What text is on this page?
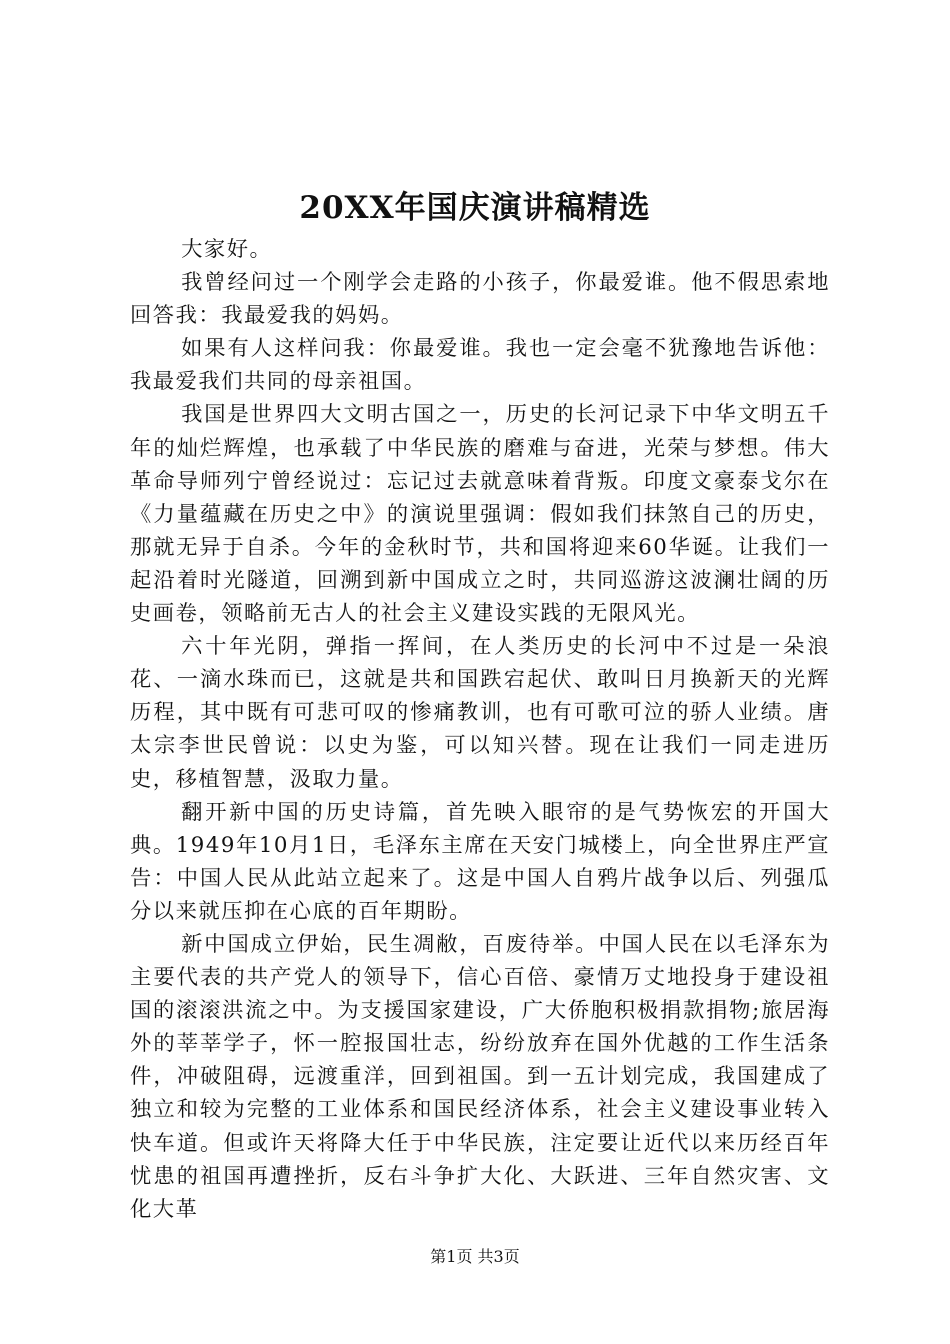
20XX年国庆演讲稿精选

大家好。

我曾经问过一个刚学会走路的小孩子，你最爱谁。他不假思索地回答我：我最爱我的妈妈。

如果有人这样问我：你最爱谁。我也一定会毫不犹豫地告诉他：我最爱我们共同的母亲祖国。

我国是世界四大文明古国之一，历史的长河记录下中华文明五千年的灿烂辉煌，也承载了中华民族的磨难与奋进，光荣与梦想。伟大革命导师列宁曾经说过：忘记过去就意味着背叛。印度文豪泰戈尔在《力量蕴藏在历史之中》的演说里强调：假如我们抹煞自己的历史，那就无异于自杀。今年的金秋时节，共和国将迎来60华诞。让我们一起沿着时光隧道，回溯到新中国成立之时，共同巡游这波澜壮阔的历史画卷，领略前无古人的社会主义建设实践的无限风光。

六十年光阴，弹指一挥间，在人类历史的长河中不过是一朵浪花、一滴水珠而已，这就是共和国跌宕起伏、敢叫日月换新天的光辉历程，其中既有可悲可叹的惨痛教训，也有可歌可泣的骄人业绩。唐太宗李世民曾说：以史为鉴，可以知兴替。现在让我们一同走进历史，移植智慧，汲取力量。

翻开新中国的历史诗篇，首先映入眼帘的是气势恢宏的开国大典。1949年10月1日，毛泽东主席在天安门城楼上，向全世界庄严宣告：中国人民从此站立起来了。这是中国人自鸦片战争以后、列强瓜分以来就压抑在心底的百年期盼。

新中国成立伊始，民生凋敝，百废待举。中国人民在以毛泽东为主要代表的共产党人的领导下，信心百倍、豪情万丈地投身于建设祖国的滚滚洪流之中。为支援国家建设，广大侨胞积极捐款捐物;旅居海外的莘莘学子，怀一腔报国壮志，纷纷放弃在国外优越的工作生活条件，冲破阻碍，远渡重洋，回到祖国。到一五计划完成，我国建成了独立和较为完整的工业体系和国民经济体系，社会主义建设事业转入快车道。但或许天将降大任于中华民族，注定要让近代以来历经百年忧患的祖国再遭挫折，反右斗争扩大化、大跃进、三年自然灾害、文化大革

第1页 共3页
